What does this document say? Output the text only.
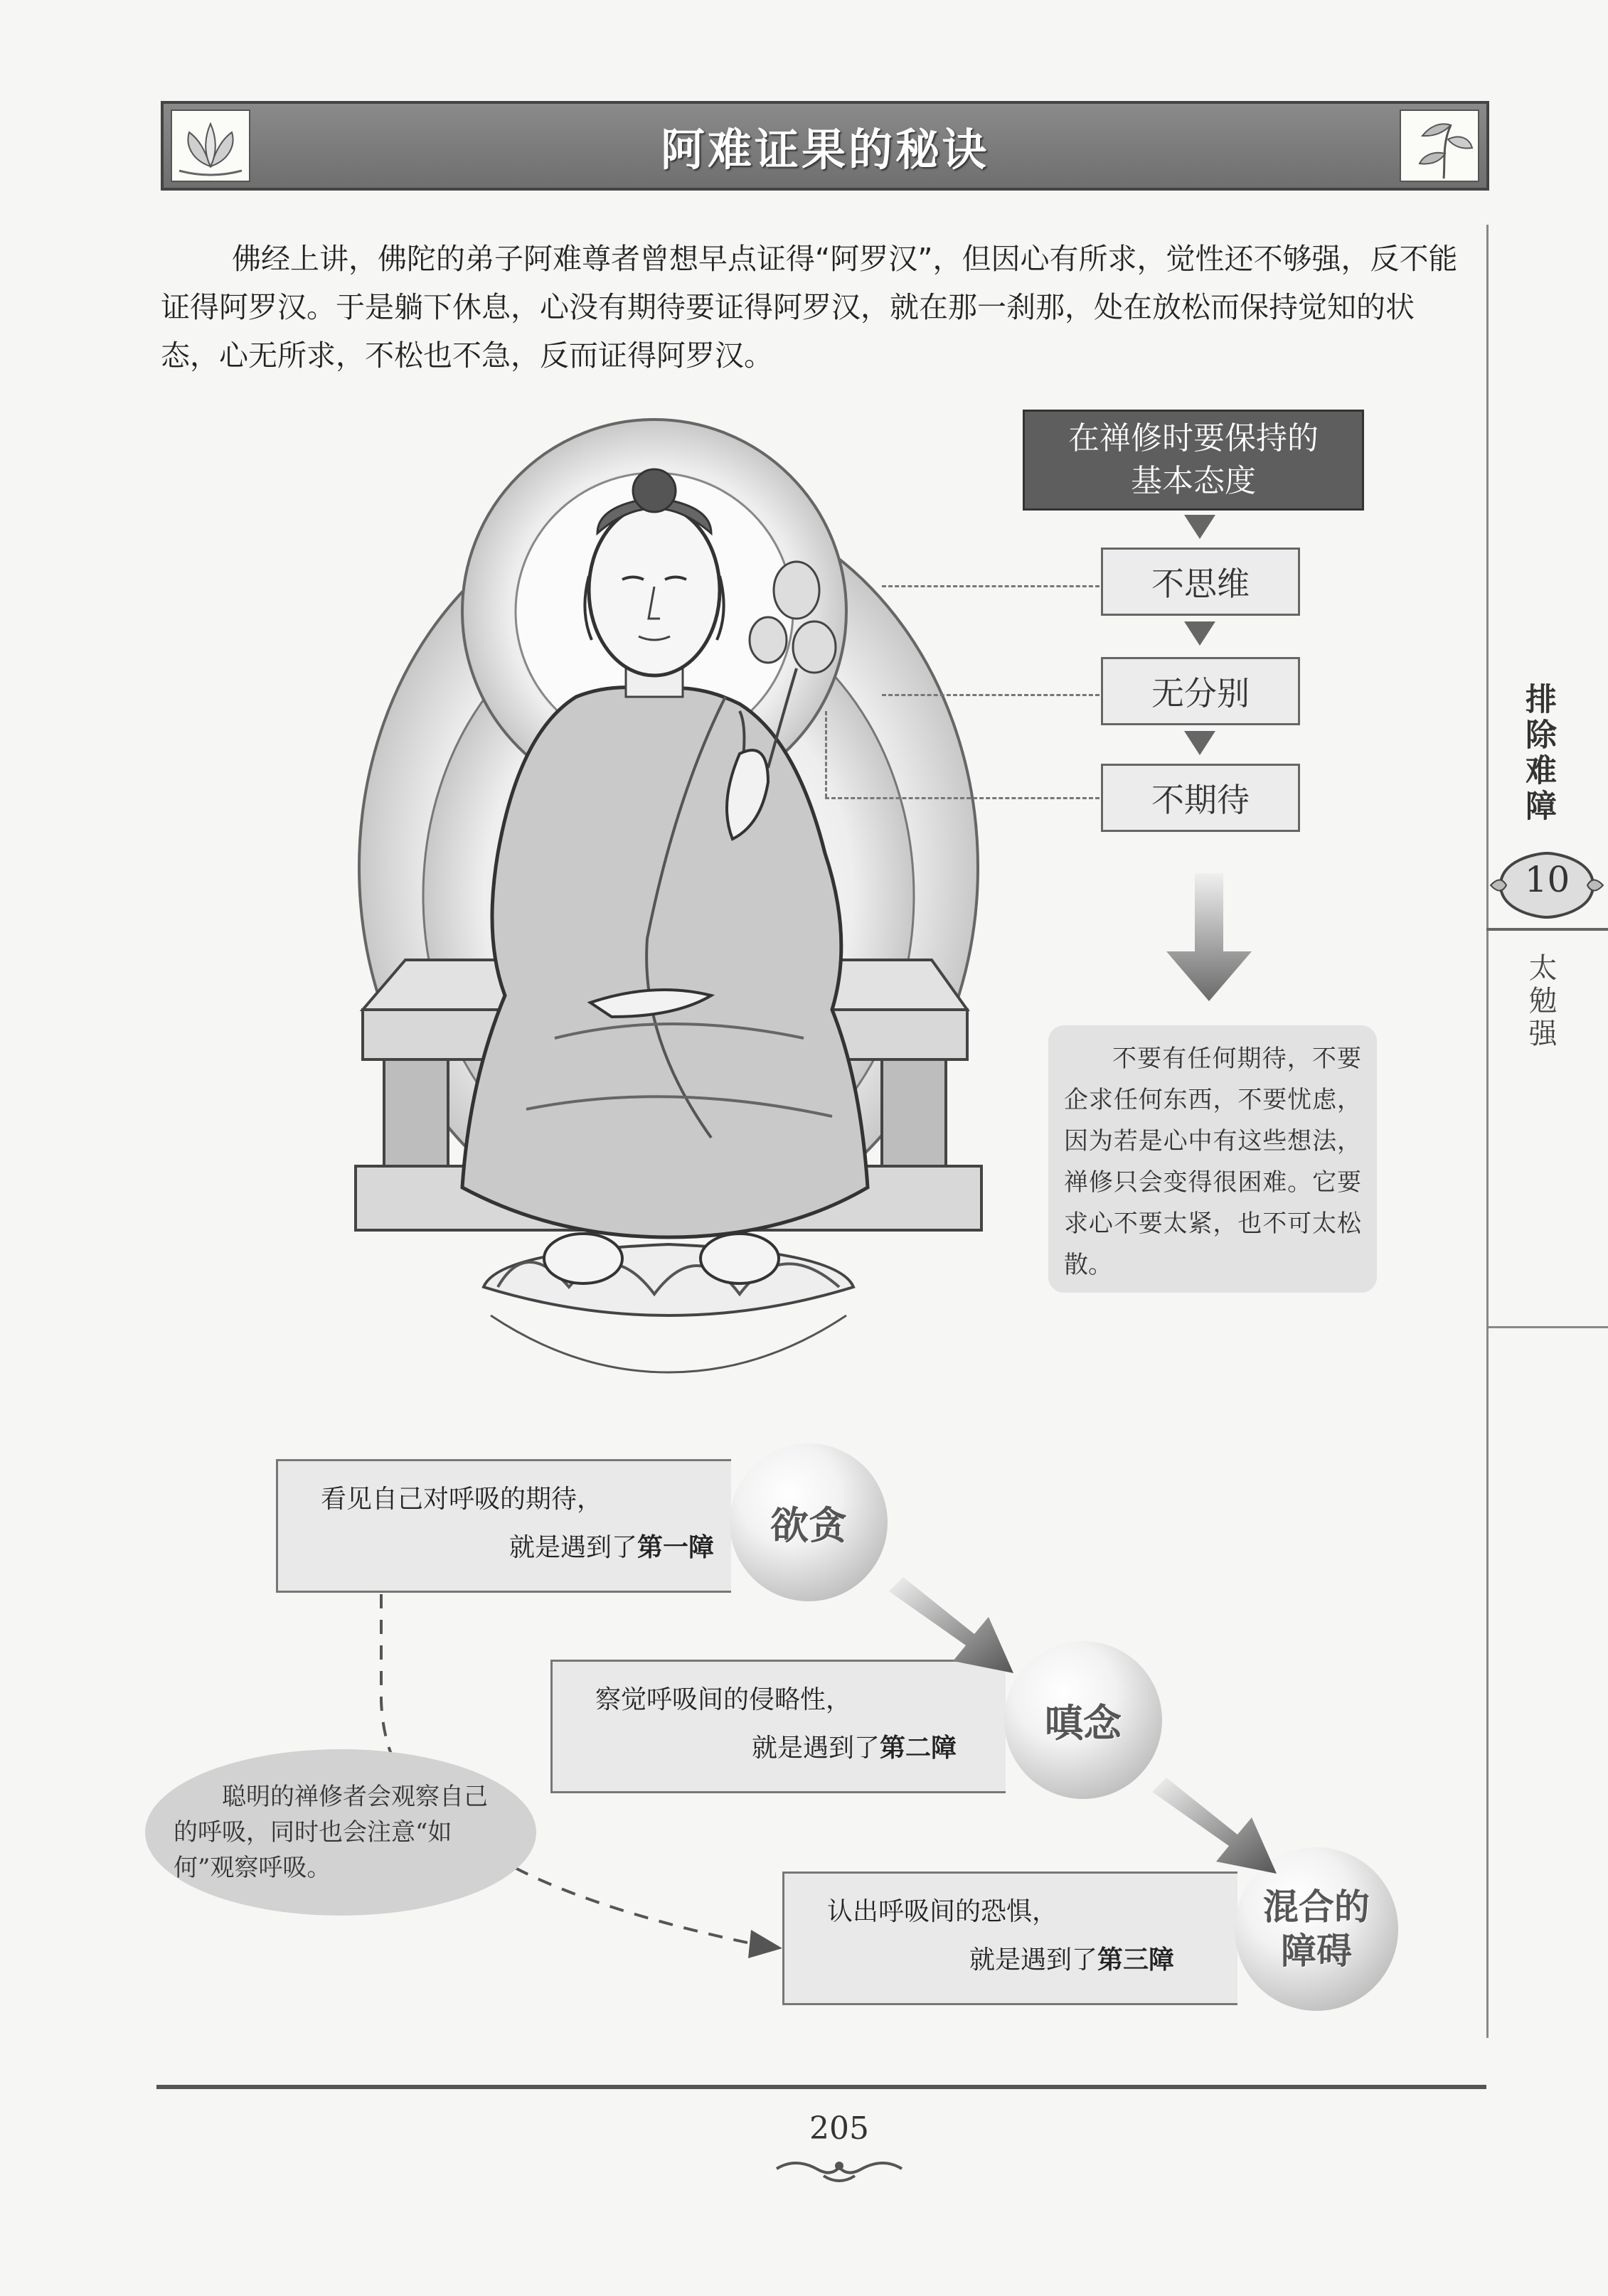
阿难证果的秘诀
排除难障
10
太勉强
佛经上讲，佛陀的弟子阿难尊者曾想早点证得“阿罗汉”，但因心有所求，觉性还不够强，反不能证得阿罗汉。于是躺下休息，心没有期待要证得阿罗汉，就在那一刹那，处在放松而保持觉知的状态，心无所求，不松也不急，反而证得阿罗汉。
在禅修时要保持的
基本态度
不思维
无分别
不期待
不要有任何期待，不要企求任何东西，不要忧虑，因为若是心中有这些想法，禅修只会变得很困难。它要求心不要太紧，也不可太松散。
看见自己对呼吸的期待，
就是遇到了第一障	欲贪
察觉呼吸间的侵略性，
就是遇到了第二障
嗔念
认出呼吸间的恐惧，
就是遇到了第三障
混合的
障碍
聪明的禅修者会观察自己的呼吸，同时也会注意“如何”观察呼吸。
205
